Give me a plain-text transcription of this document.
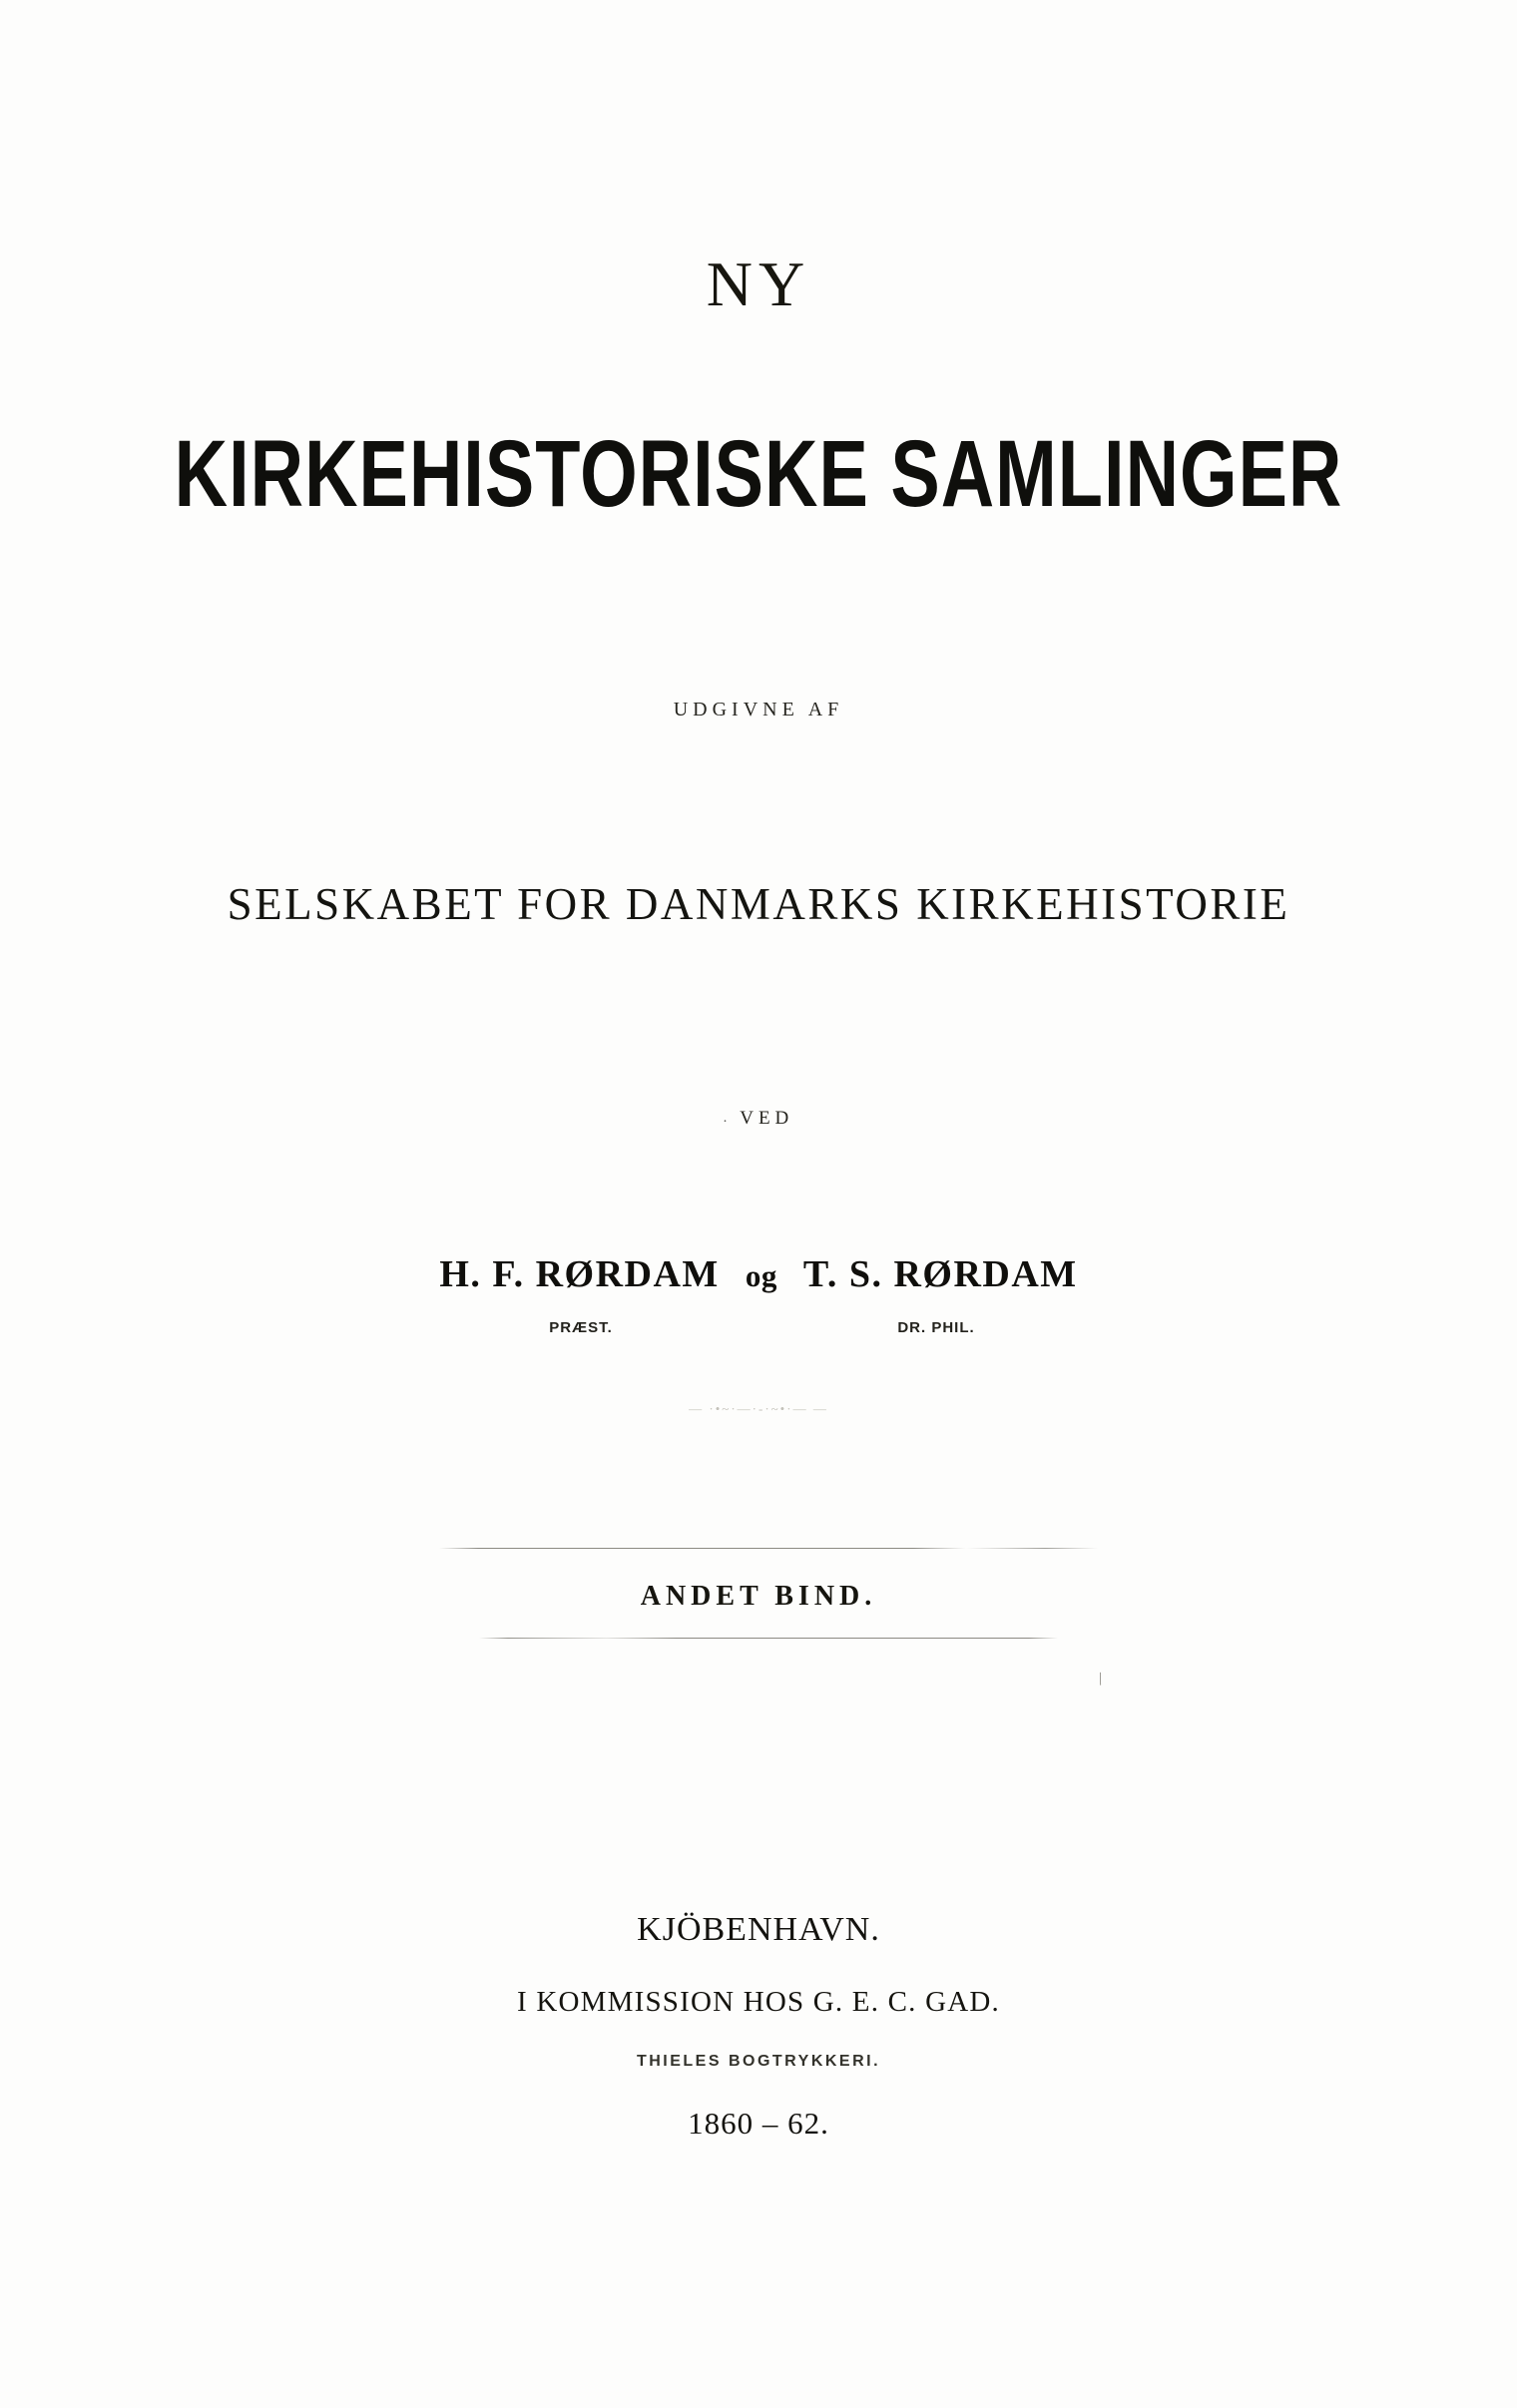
NY
KIRKEHISTORISKE SAMLINGER
UDGIVNE AF
SELSKABET FOR DANMARKS KIRKEHISTORIE
. VED
H. F. RØRDAM og T. S. RØRDAM
PRÆST.	DR. PHIL.
— ·•~·—·-·~•·— —
ANDET BIND.
\
KJÖBENHAVN.
I KOMMISSION HOS G. E. C. GAD.
THIELES BOGTRYKKERI.
1860 – 62.
